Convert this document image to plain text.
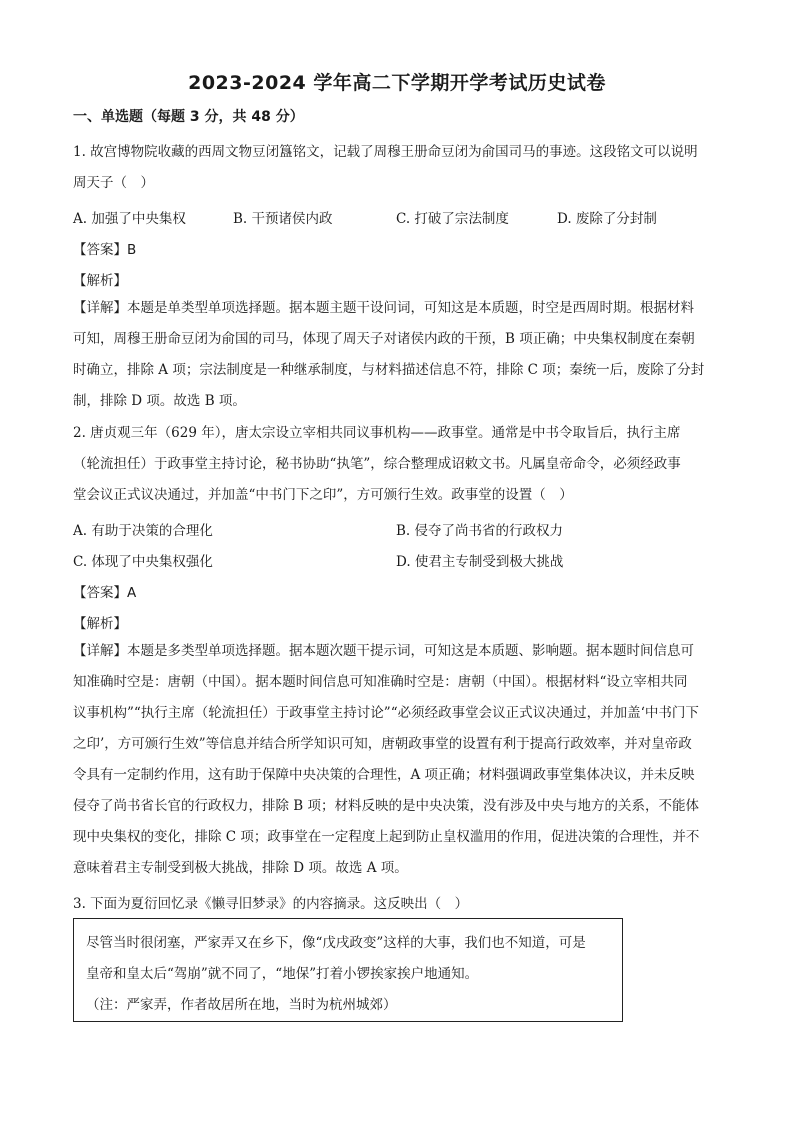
2023-2024 学年高二下学期开学考试历史试卷
一、单选题（每题 3 分，共 48 分）
1. 故宫博物院收藏的西周文物豆闭簋铭文，记载了周穆王册命豆闭为俞国司马的事迹。这段铭文可以说明
周天子（　）
A. 加强了中央集权	B. 干预诸侯内政	C. 打破了宗法制度	D. 废除了分封制
【答案】B
【解析】
【详解】本题是单类型单项选择题。据本题主题干设问词，可知这是本质题，时空是西周时期。根据材料
可知，周穆王册命豆闭为俞国的司马，体现了周天子对诸侯内政的干预，B 项正确；中央集权制度在秦朝
时确立，排除 A 项；宗法制度是一种继承制度，与材料描述信息不符，排除 C 项；秦统一后，废除了分封
制，排除 D 项。故选 B 项。
2. 唐贞观三年（629 年），唐太宗设立宰相共同议事机构——政事堂。通常是中书令取旨后，执行主席
（轮流担任）于政事堂主持讨论，秘书协助“执笔”，综合整理成诏敕文书。凡属皇帝命令，必须经政事
堂会议正式议决通过，并加盖“中书门下之印”，方可颁行生效。政事堂的设置（　）
A. 有助于决策的合理化	B. 侵夺了尚书省的行政权力
C. 体现了中央集权强化	D. 使君主专制受到极大挑战
【答案】A
【解析】
【详解】本题是多类型单项选择题。据本题次题干提示词，可知这是本质题、影响题。据本题时间信息可
知准确时空是：唐朝（中国）。据本题时间信息可知准确时空是：唐朝（中国）。根据材料“设立宰相共同
议事机构”“执行主席（轮流担任）于政事堂主持讨论”“必须经政事堂会议正式议决通过，并加盖‘中书门下
之印’，方可颁行生效”等信息并结合所学知识可知，唐朝政事堂的设置有利于提高行政效率，并对皇帝政
令具有一定制约作用，这有助于保障中央决策的合理性，A 项正确；材料强调政事堂集体决议，并未反映
侵夺了尚书省长官的行政权力，排除 B 项；材料反映的是中央决策，没有涉及中央与地方的关系，不能体
现中央集权的变化，排除 C 项；政事堂在一定程度上起到防止皇权滥用的作用，促进决策的合理性，并不
意味着君主专制受到极大挑战，排除 D 项。故选 A 项。
3. 下面为夏衍回忆录《懒寻旧梦录》的内容摘录。这反映出（　）
尽管当时很闭塞，严家弄又在乡下，像“戊戌政变”这样的大事，我们也不知道，可是
皇帝和皇太后“驾崩”就不同了，“地保”打着小锣挨家挨户地通知。
（注：严家弄，作者故居所在地，当时为杭州城郊）
